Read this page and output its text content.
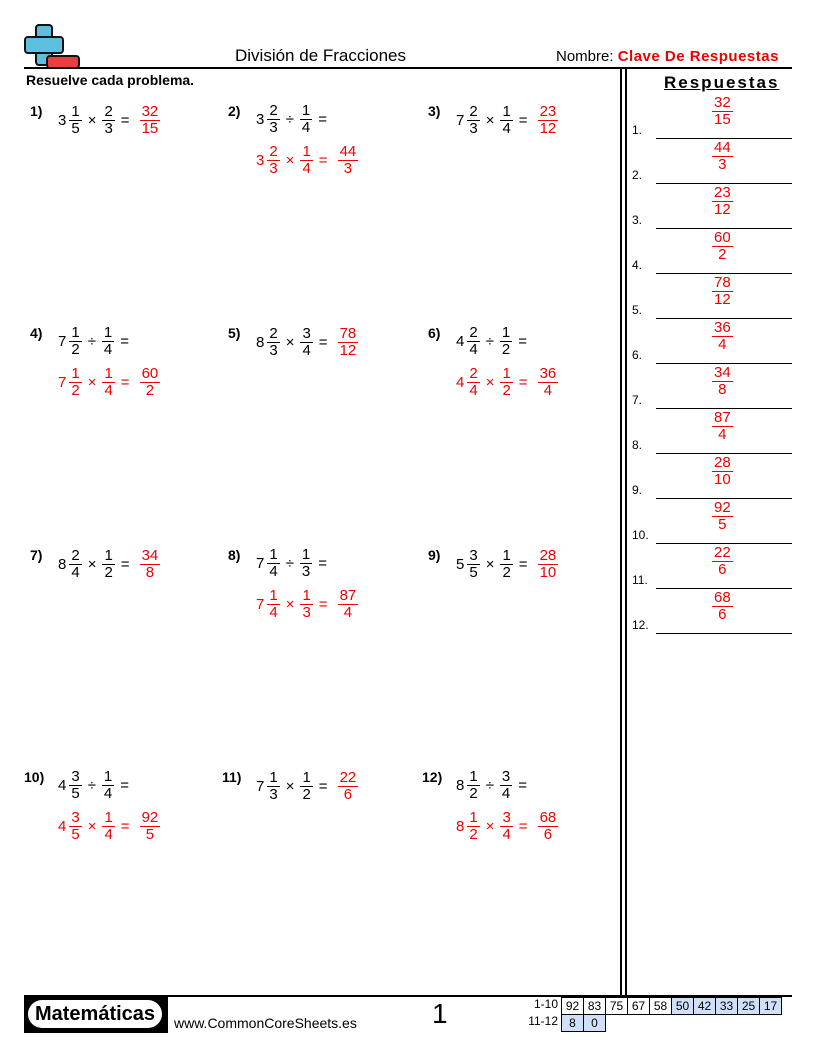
División de Fracciones	Nombre: Clave De Respuestas
Resuelve cada problema.	Respuestas
1)
$3 \frac{1}{5} \times \frac{2}{3} = \frac{32}{15}$	2) $3 \frac{2}{3} \div \frac{1}{4}$ =
$3 \frac{2}{3} \times \frac{1}{4} = \frac{44}{3}$
3)
$7 \frac{2}{3} \times \frac{1}{4} = \frac{23}{12}$
4) $7 \frac{1}{2} \div \frac{1}{4}$ =
$7 \frac{1}{2} \times \frac{1}{4} = \frac{60}{2}$
5)
$8 \frac{2}{3} \times \frac{3}{4} = \frac{78}{12}$	6) $4 \frac{2}{4} \div \frac{1}{2}$ =
$4 \frac{2}{4} \times \frac{1}{2} = \frac{36}{4}$
7)
$8 \frac{2}{4} \times \frac{1}{2} = \frac{34}{8}$	8) $7 \frac{1}{4} \div \frac{1}{3}$ =
$7 \frac{1}{4} \times \frac{1}{3} = \frac{87}{4}$
9)
$5 \frac{3}{5} \times \frac{1}{2} = \frac{28}{10}$
10) $4 \frac{3}{5} \div \frac{1}{4}$ =
$4 \frac{3}{5} \times \frac{1}{4} = \frac{92}{5}$
11)
$7 \frac{1}{3} \times \frac{1}{2} = \frac{22}{6}$	12) $8 \frac{1}{2} \div \frac{3}{4}$ =
$8 \frac{1}{2} \times \frac{3}{4} = \frac{68}{6}$
1.
$\frac{32}{15}$
2.
$\frac{44}{3}$
3.
$\frac{23}{12}$
4.
$\frac{60}{2}$
5.
$\frac{78}{12}$
6.
$\frac{36}{4}$
7.
$\frac{34}{8}$
8.
$\frac{87}{4}$
9.
$\frac{28}{10}$
10.
$\frac{92}{5}$
11.
$\frac{22}{6}$
12.
$\frac{68}{6}$
Matemáticas	www.CommonCoreSheets.es	1	1-10 92 83 75 67 58 50 42 33 25 17
11-12 8	0
